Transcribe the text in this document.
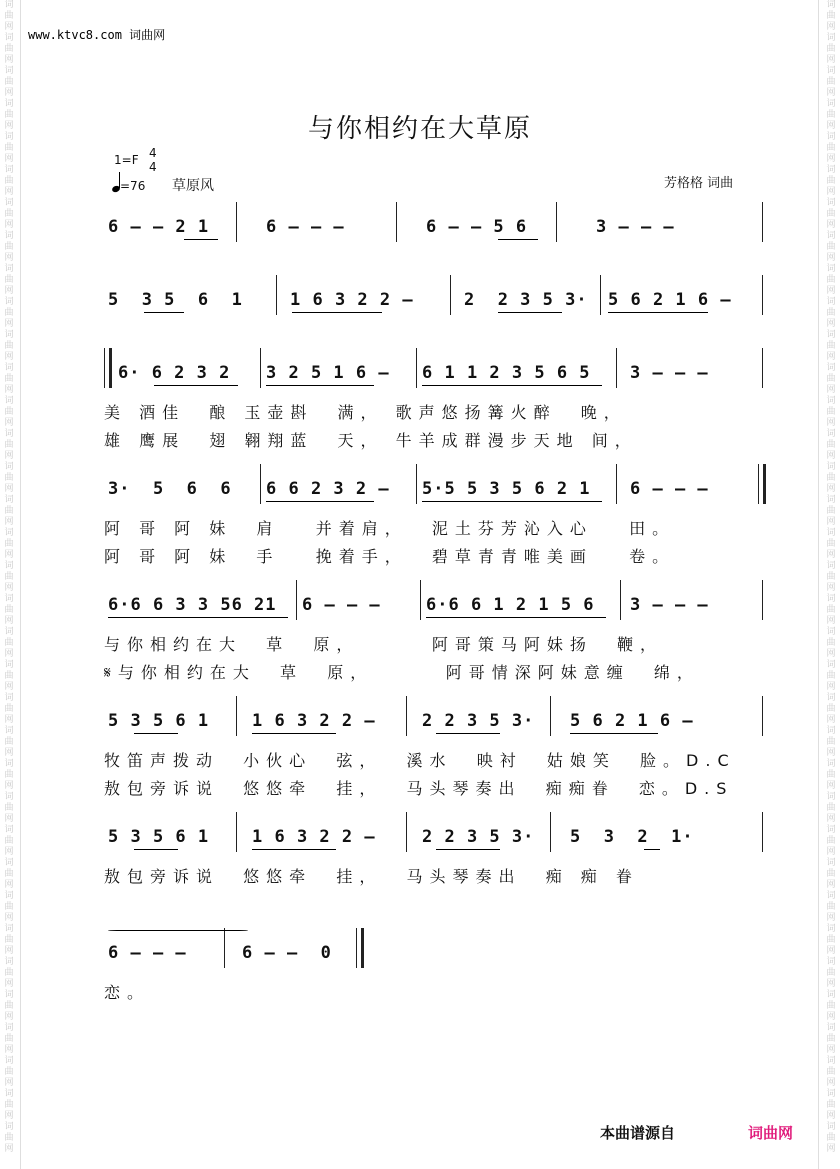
词曲网词曲网词曲网词曲网词曲网词曲网词曲网词曲网词曲网词曲网词曲网词曲网词曲网词曲网词曲网词曲网词曲网词曲网词曲网词曲网词曲网词曲网词曲网词曲网词曲网词曲网词曲网词曲网词曲网词曲网词曲网词曲网词曲网词曲网词曲网
词曲网词曲网词曲网词曲网词曲网词曲网词曲网词曲网词曲网词曲网词曲网词曲网词曲网词曲网词曲网词曲网词曲网词曲网词曲网词曲网词曲网词曲网词曲网词曲网词曲网词曲网词曲网词曲网词曲网词曲网词曲网词曲网词曲网词曲网词曲网
www.ktvc8.com 词曲网
与你相约在大草原
1=F 4
4
=76 草原风	芳格格 词曲
6 – – 2 1	6 – – –	6 – – 5 6	3 – – –
5  3 5  6  1	1 6 3 2 2 –	2  2 3 5 3· 5 6 2 1 6 –
6· 6 2 3 2 3 2 5 1 6 – 6 1 1 2 3 5 6 5 3 – – –
美 酒佳  酿 玉壶斟  满， 歌声悠扬篝火醉  晚，
雄 鹰展  翅 翱翔蓝  天， 牛羊成群漫步天地 间，
3·  5  6  6 6 6 2 3 2 – 5·5 5 3 5 6 2 1 6 – – –
阿 哥 阿 妹  肩   并着肩，  泥土芬芳沁入心   田。
阿 哥 阿 妹  手   挽着手，  碧草青青唯美画   卷。
6·6 6 3 3 56 21 6 – – –	6·6 6 1 2 1 5 6 3 – – –
与你相约在大  草  原，      阿哥策马阿妹扬  鞭，
𝄋与你相约在大  草  原，      阿哥情深阿妹意缠  绵，
5 3 5 6 1	1 6 3 2 2 –	2 2 3 5 3· 5 6 2 1 6 –
牧笛声拨动  小伙心  弦，  溪水  映衬  姑娘笑  脸。D.C
敖包旁诉说  悠悠牵  挂，  马头琴奏出  痴痴眷  恋。D.S
5 3 5 6 1	1 6 3 2 2 –	2 2 3 5 3· 5  3  2  1·
敖包旁诉说  悠悠牵  挂，  马头琴奏出  痴 痴 眷
6 – – –	6 – –  0
恋。
本曲谱源自	词曲网
